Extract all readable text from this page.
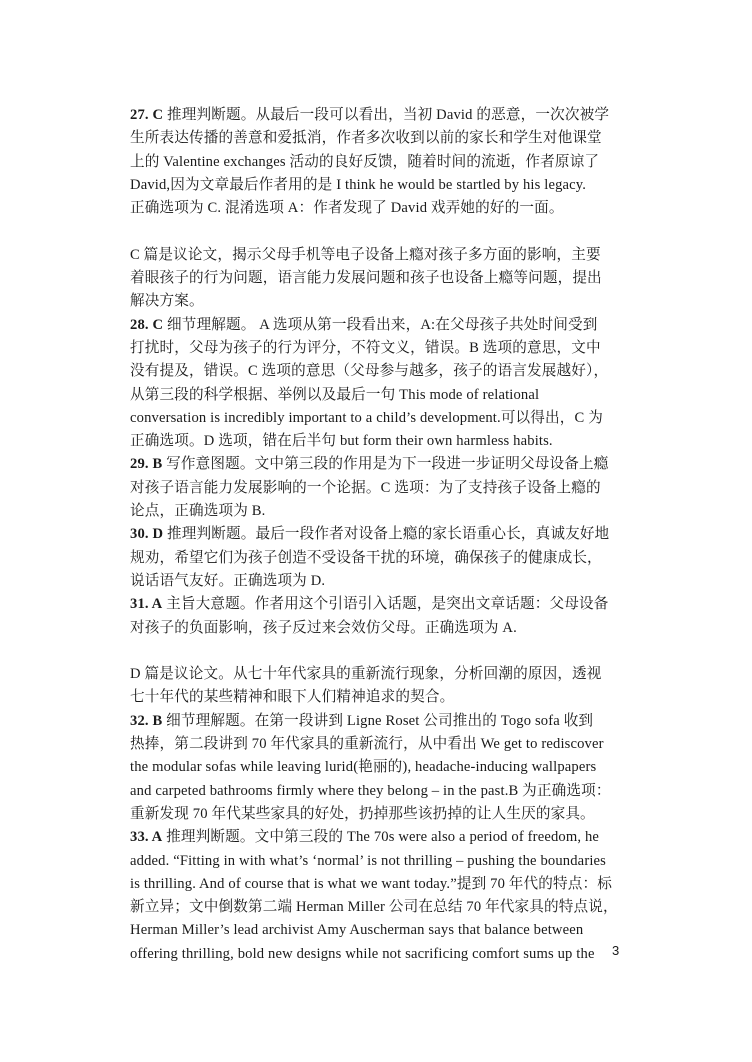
27. C 推理判断题。从最后一段可以看出，当初 David 的恶意，一次次被学
生所表达传播的善意和爱抵消，作者多次收到以前的家长和学生对他课堂
上的 Valentine exchanges 活动的良好反馈，随着时间的流逝，作者原谅了
David,因为文章最后作者用的是 I think he would be startled by his legacy.
正确选项为 C. 混淆选项 A：作者发现了 David 戏弄她的好的一面。
C 篇是议论文，揭示父母手机等电子设备上瘾对孩子多方面的影响，主要
着眼孩子的行为问题，语言能力发展问题和孩子也设备上瘾等问题，提出
解决方案。
28. C 细节理解题。 A 选项从第一段看出来，A:在父母孩子共处时间受到
打扰时，父母为孩子的行为评分，不符文义，错误。B 选项的意思，文中
没有提及，错误。C 选项的意思（父母参与越多，孩子的语言发展越好），
从第三段的科学根据、举例以及最后一句 This mode of relational
conversation is incredibly important to a child’s development.可以得出，C 为
正确选项。D 选项，错在后半句 but form their own harmless habits.
29. B 写作意图题。文中第三段的作用是为下一段进一步证明父母设备上瘾
对孩子语言能力发展影响的一个论据。C 选项：为了支持孩子设备上瘾的
论点，正确选项为 B.
30. D 推理判断题。最后一段作者对设备上瘾的家长语重心长，真诚友好地
规劝，希望它们为孩子创造不受设备干扰的环境，确保孩子的健康成长，
说话语气友好。正确选项为 D.
31. A 主旨大意题。作者用这个引语引入话题，是突出文章话题：父母设备
对孩子的负面影响，孩子反过来会效仿父母。正确选项为 A.
D 篇是议论文。从七十年代家具的重新流行现象，分析回潮的原因，透视
七十年代的某些精神和眼下人们精神追求的契合。
32. B 细节理解题。在第一段讲到 Ligne Roset 公司推出的 Togo sofa 收到
热捧，第二段讲到 70 年代家具的重新流行，从中看出 We get to rediscover
the modular sofas while leaving lurid(艳丽的), headache-inducing wallpapers
and carpeted bathrooms firmly where they belong – in the past.B 为正确选项：
重新发现 70 年代某些家具的好处，扔掉那些该扔掉的让人生厌的家具。
33. A 推理判断题。文中第三段的 The 70s were also a period of freedom, he
added. “Fitting in with what’s ‘normal’ is not thrilling – pushing the boundaries
is thrilling. And of course that is what we want today.”提到 70 年代的特点：标
新立异；文中倒数第二端 Herman Miller 公司在总结 70 年代家具的特点说，
Herman Miller’s lead archivist Amy Auscherman says that balance between
offering thrilling, bold new designs while not sacrificing comfort sums up the	3
